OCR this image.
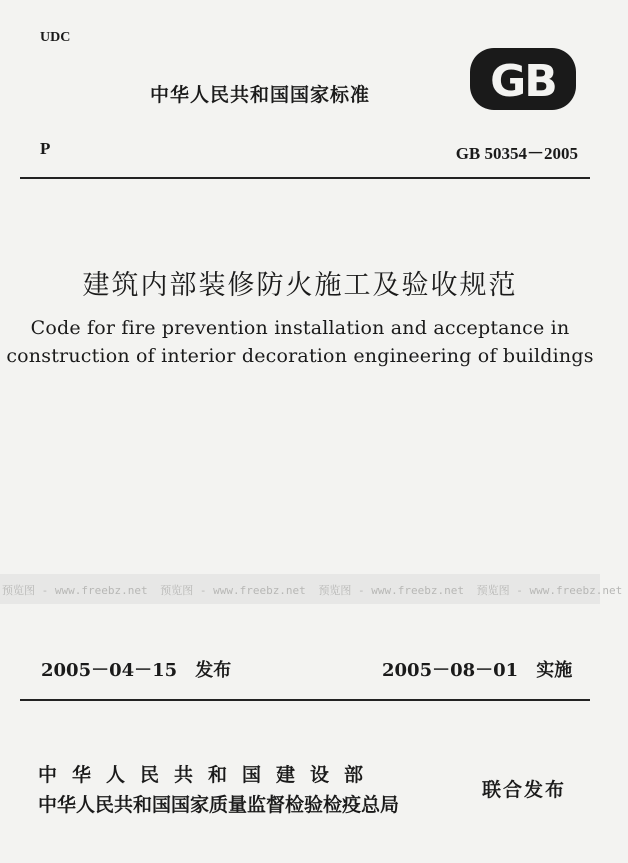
UDC
中华人民共和国国家标准	GB
P	GB 50354－2005
建筑内部装修防火施工及验收规范
Code for fire prevention installation and acceptance in
construction of interior decoration engineering of buildings
预览图 - www.freebz.net 预览图 - www.freebz.net 预览图 - www.freebz.net 预览图 - www.freebz.net
2005－04－15　发布	2005－08－01　实施
中华人民共和国建设部
中华人民共和国国家质量监督检验检疫总局
联合发布
